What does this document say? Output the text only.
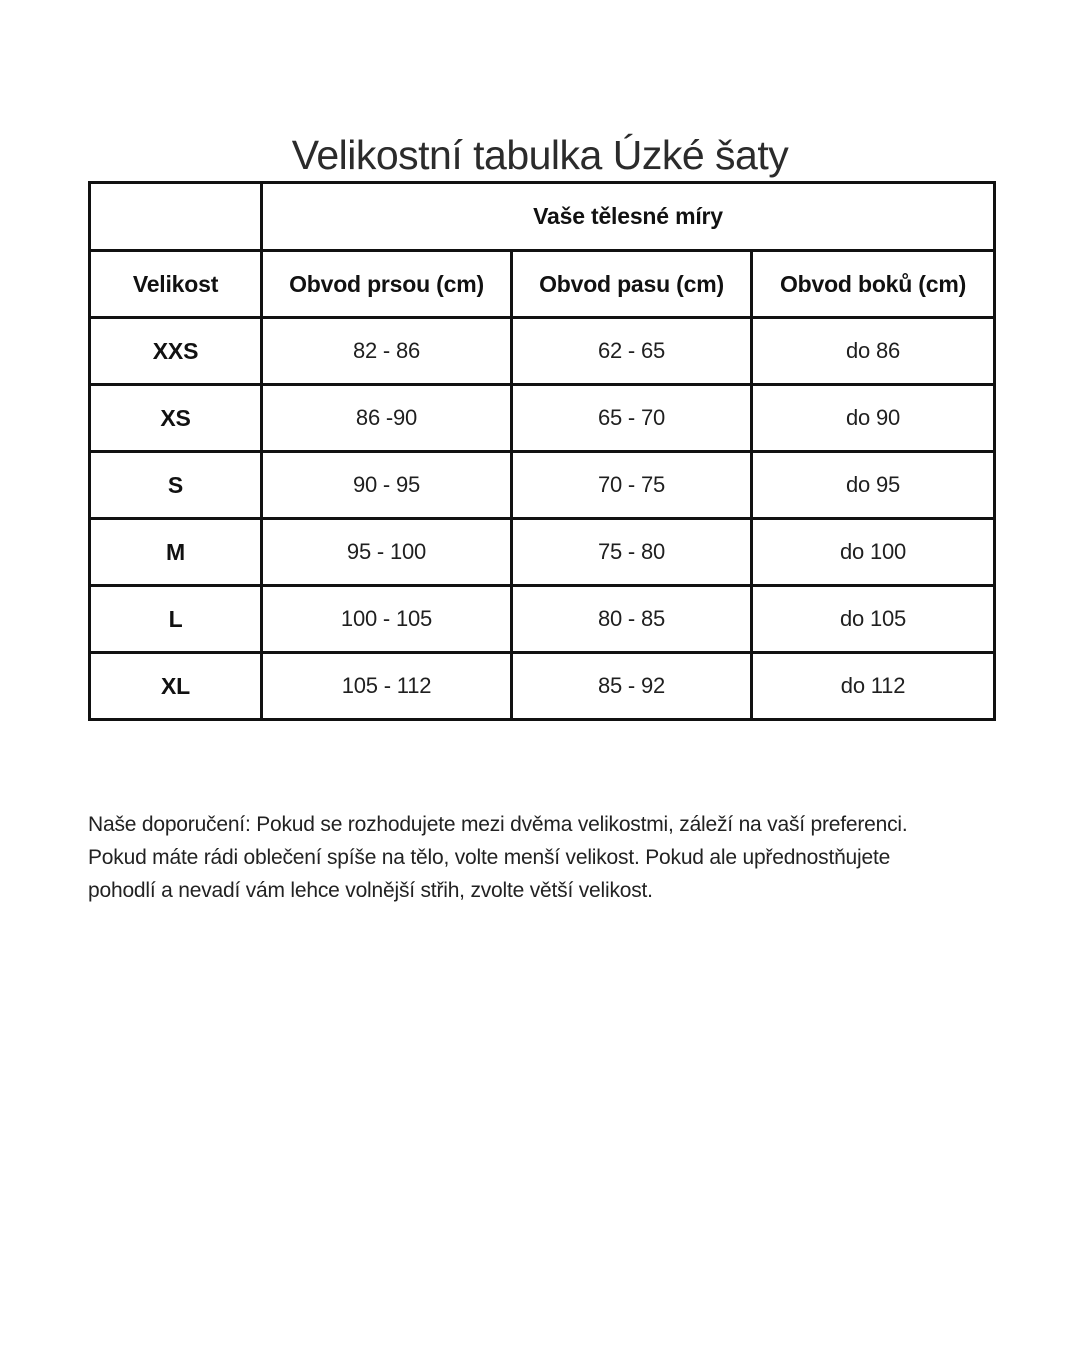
Velikostní tabulka Úzké šaty
	Vaše tělesné míry		
Velikost	Obvod prsou (cm)	Obvod pasu (cm)	Obvod boků (cm)
XXS	82 - 86	62 - 65	do 86
XS	86 -90	65 - 70	do 90
S	90 - 95	70 - 75	do 95
M	95 - 100	75 - 80	do 100
L	100 - 105	80 - 85	do 105
XL	105 - 112	85 - 92	do 112

Naše doporučení: Pokud se rozhodujete mezi dvěma velikostmi, záleží na vaší preferenci. Pokud máte rádi oblečení spíše na tělo, volte menší velikost. Pokud ale upřednostňujete pohodlí a nevadí vám lehce volnější střih, zvolte větší velikost.
